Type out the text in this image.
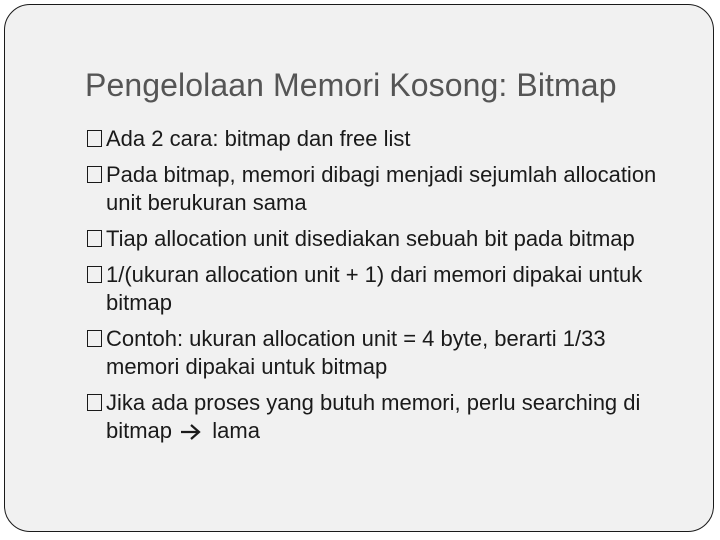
Pengelolaan Memori Kosong: Bitmap
Ada 2 cara: bitmap dan free list
Pada bitmap, memori dibagi menjadi sejumlah allocation unit berukuran sama
Tiap allocation unit disediakan sebuah bit pada bitmap
1/(ukuran allocation unit + 1) dari memori dipakai untuk bitmap
Contoh: ukuran allocation unit = 4 byte, berarti 1/33 memori dipakai untuk bitmap
Jika ada proses yang butuh memori, perlu searching di bitmap lama
